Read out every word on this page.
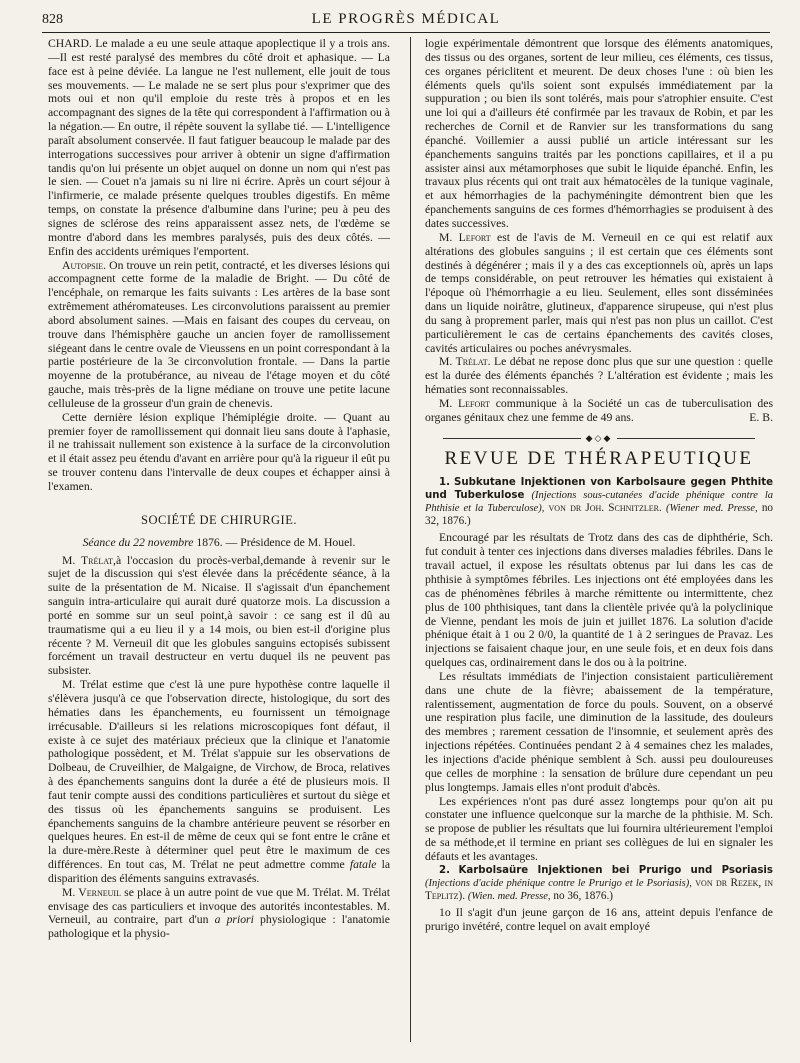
828	LE PROGRÈS MÉDICAL

CHARD. Le malade a eu une seule attaque apoplectique il y a trois ans.—Il est resté paralysé des membres du côté droit et aphasique. — La face est à peine déviée. La langue ne l'est nullement, elle jouit de tous ses mouvements. — Le malade ne se sert plus pour s'exprimer que des mots oui et non qu'il emploie du reste très à propos et en les accompagnant des signes de la tête qui correspondent à l'affirmation ou à la négation.— En outre, il répète souvent la syllabe tié. — L'intelligence paraît absolument conservée. Il faut fatiguer beaucoup le malade par des interrogations successives pour arriver à obtenir un signe d'affirmation tandis qu'on lui présente un objet auquel on donne un nom qui n'est pas le sien. — Couet n'a jamais su ni lire ni écrire. Après un court séjour à l'infirmerie, ce malade présente quelques troubles digestifs. En même temps, on constate la présence d'albumine dans l'urine; peu à peu des signes de sclérose des reins apparaissent assez nets, de l'œdème se montre d'abord dans les membres paralysés, puis des deux côtés. — Enfin des accidents urémiques l'emportent.

Autopsie. On trouve un rein petit, contracté, et les diverses lésions qui accompagnent cette forme de la maladie de Bright. — Du côté de l'encéphale, on remarque les faits suivants : Les artères de la base sont extrêmement athéromateuses. Les circonvolutions paraissent au premier abord absolument saines. —Mais en faisant des coupes du cerveau, on trouve dans l'hémisphère gauche un ancien foyer de ramollissement siégeant dans le centre ovale de Vieussens en un point correspondant à la partie postérieure de la 3e circonvolution frontale. — Dans la partie moyenne de la protubérance, au niveau de l'étage moyen et du côté gauche, mais très-près de la ligne médiane on trouve une petite lacune celluleuse de la grosseur d'un grain de chenevis.

Cette dernière lésion explique l'hémiplégie droite. — Quant au premier foyer de ramollissement qui donnait lieu sans doute à l'aphasie, il ne trahissait nullement son existence à la surface de la circonvolution et il était assez peu étendu d'avant en arrière pour qu'à la rigueur il eût pu se trouver contenu dans l'intervalle de deux coupes et échapper ainsi à l'examen.

SOCIÉTÉ DE CHIRURGIE.
Séance du 22 novembre 1876. — Présidence de M. Houel.

M. Trélat,à l'occasion du procès-verbal,demande à revenir sur le sujet de la discussion qui s'est élevée dans la précédente séance, à la suite de la présentation de M. Nicaise. Il s'agissait d'un épanchement sanguin intra-articulaire qui aurait duré quatorze mois. La discussion a porté en somme sur un seul point,à savoir : ce sang est il dû au traumatisme qui a eu lieu il y a 14 mois, ou bien est-il d'origine plus récente ? M. Verneuil dit que les globules sanguins ectopisés subissent forcément un travail destructeur en vertu duquel ils ne peuvent pas subsister.

M. Trélat estime que c'est là une pure hypothèse contre laquelle il s'élèvera jusqu'à ce que l'observation directe, histologique, du sort des hématies dans les épanchements, eu fournissent un témoignage irrécusable. D'ailleurs si les relations microscopiques font défaut, il existe à ce sujet des matériaux précieux que la clinique et l'anatomie pathologique possèdent, et M. Trélat s'appuie sur les observations de Dolbeau, de Cruveilhier, de Malgaigne, de Virchow, de Broca, relatives à des épanchements sanguins dont la durée a été de plusieurs mois. Il faut tenir compte aussi des conditions particulières et surtout du siège et des tissus où les épanchements sanguins se produisent. Les épanchements sanguins de la chambre antérieure peuvent se résorber en quelques heures. En est-il de même de ceux qui se font entre le crâne et la dure-mère.Reste à déterminer quel peut être le maximum de ces différences. En tout cas, M. Trélat ne peut admettre comme fatale la disparition des éléments sanguins extravasés.

M. Verneuil se place à un autre point de vue que M. Trélat. M. Trélat envisage des cas particuliers et invoque des autorités incontestables. M. Verneuil, au contraire, part d'un a priori physiologique : l'anatomie pathologique et la physio-

logie expérimentale démontrent que lorsque des éléments anatomiques, des tissus ou des organes, sortent de leur milieu, ces éléments, ces tissus, ces organes périclitent et meurent. De deux choses l'une : où bien les éléments quels qu'ils soient sont expulsés immédiatement par la suppuration ; ou bien ils sont tolérés, mais pour s'atrophier ensuite. C'est une loi qui a d'ailleurs été confirmée par les travaux de Robin, et par les recherches de Cornil et de Ranvier sur les transformations du sang épanché. Voillemier a aussi publié un article intéressant sur les épanchements sanguins traités par les ponctions capillaires, et il a pu assister ainsi aux métamorphoses que subit le liquide épanché. Enfin, les travaux plus récents qui ont trait aux hématocèles de la tunique vaginale, et aux hémorrhagies de la pachyméningite démontrent bien que les épanchements sanguins de ces formes d'hémorrhagies se produisent à des dates successives.

M. Lefort est de l'avis de M. Verneuil en ce qui est relatif aux altérations des globules sanguins ; il est certain que ces éléments sont destinés à dégénérer ; mais il y a des cas exceptionnels où, après un laps de temps considérable, on peut retrouver les hématies qui existaient à l'époque où l'hémorrhagie a eu lieu. Seulement, elles sont disséminées dans un liquide noirâtre, glutineux, d'apparence sirupeuse, qui n'est plus du sang à proprement parler, mais qui n'est pas non plus un caillot. C'est particulièrement le cas de certains épanchements des cavités closes, cavités articulaires ou poches anévrysmales.

M. Trélat. Le débat ne repose donc plus que sur une question : quelle est la durée des éléments épanchés ? L'altération est évidente ; mais les hématies sont reconnaissables.

M. Lefort communique à la Société un cas de tuberculisation des organes génitaux chez une femme de 49 ans.	E. B.

◆◇◆
REVUE DE THÉRAPEUTIQUE

1. Subkutane Injektionen von Karbolsaure gegen Phthite und Tuberkulose (Injections sous-cutanées d'acide phénique contre la Phthisie et la Tuberculose), von dr Joh. Schnitzler. (Wiener med. Presse, no 32, 1876.)

Encouragé par les résultats de Trotz dans des cas de diphthérie, Sch. fut conduit à tenter ces injections dans diverses maladies fébriles. Dans le travail actuel, il expose les résultats obtenus par lui dans les cas de phthisie à symptômes fébriles. Les injections ont été employées dans les cas de phénomènes fébriles à marche rémittente ou intermittente, chez plus de 100 phthisiques, tant dans la clientèle privée qu'à la polyclinique de Vienne, pendant les mois de juin et juillet 1876. La solution d'acide phénique était à 1 ou 2 0/0, la quantité de 1 à 2 seringues de Pravaz. Les injections se faisaient chaque jour, en une seule fois, et en deux fois dans quelques cas, ordinairement dans le dos ou à la poitrine.

Les résultats immédiats de l'injection consistaient particulièrement dans une chute de la fièvre; abaissement de la température, ralentissement, augmentation de force du pouls. Souvent, on a observé une respiration plus facile, une diminution de la lassitude, des douleurs des membres ; rarement cessation de l'insomnie, et seulement après des injections répétées. Continuées pendant 2 à 4 semaines chez les malades, les injections d'acide phénique semblent à Sch. aussi peu douloureuses que celles de morphine : la sensation de brûlure dure cependant un peu plus longtemps. Jamais elles n'ont produit d'abcès.

Les expériences n'ont pas duré assez longtemps pour qu'on ait pu constater une influence quelconque sur la marche de la phthisie. M. Sch. se propose de publier les résultats que lui fournira ultérieurement l'emploi de sa méthode,et il termine en priant ses collègues de lui en signaler les défauts et les avantages.

2. Karbolsaüre Injektionen bei Prurigo und Psoriasis (Injections d'acide phénique contre le Prurigo et le Psoriasis), von dr Rezek, in Teplitz). (Wien. med. Presse, no 36, 1876.)

1o Il s'agit d'un jeune garçon de 16 ans, atteint depuis l'enfance de prurigo invétéré, contre lequel on avait employé
